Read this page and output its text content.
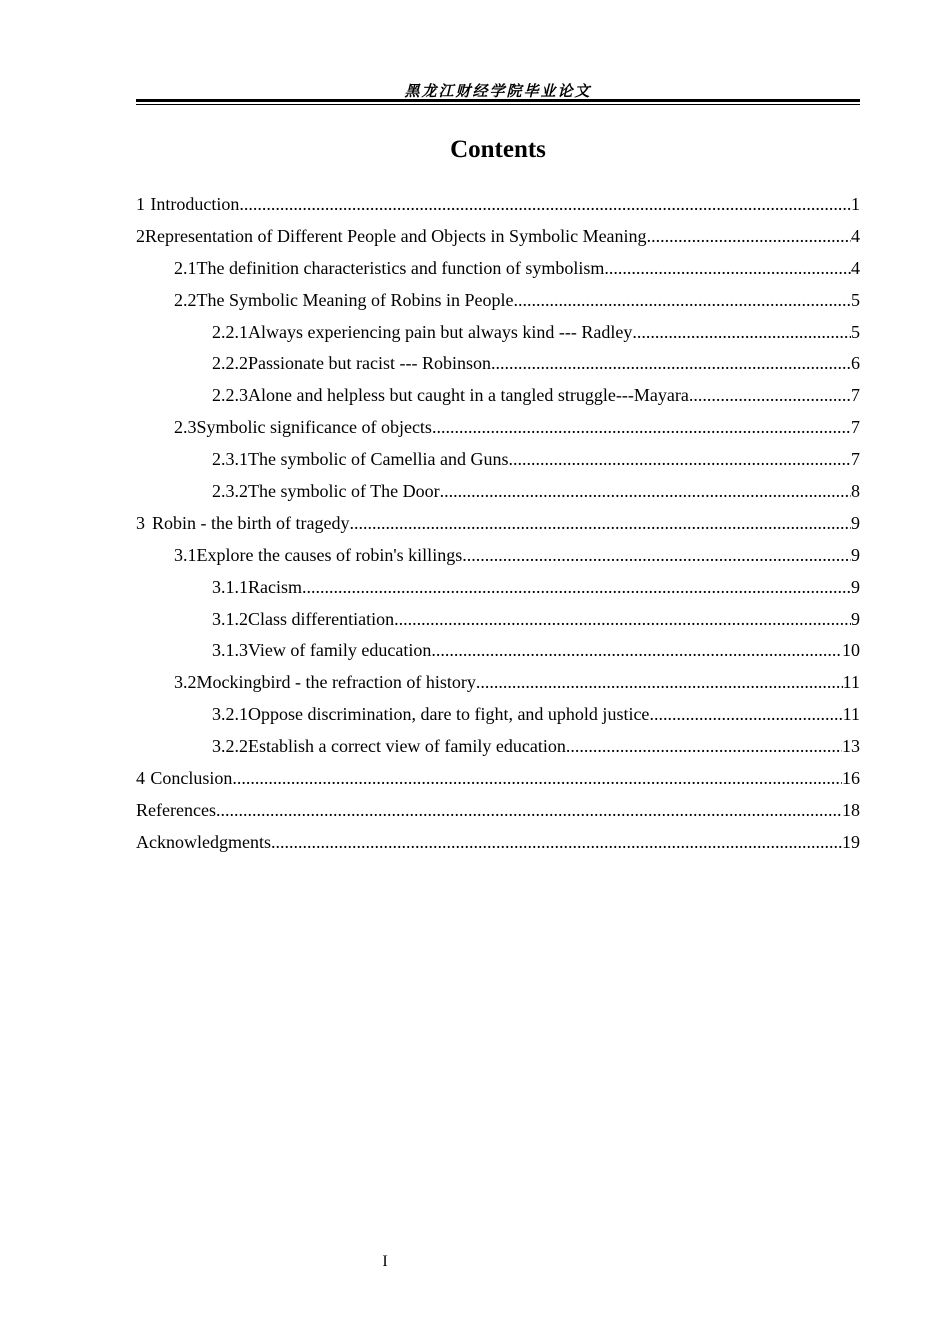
黑龙江财经学院毕业论文
Contents
1 Introduction .....	1
2 Representation of Different People and Objects in Symbolic Meaning .....	4
2.1 The definition characteristics and function of symbolism .....	4
2.2 The Symbolic Meaning of Robins in People .....	5
2.2.1 Always experiencing pain but always kind --- Radley .....	5
2.2.2 Passionate but racist --- Robinson .....	6
2.2.3 Alone and helpless but caught in a tangled struggle---Mayara .....	7
2.3 Symbolic significance of objects .....	7
2.3.1 The symbolic of Camellia and Guns .....	7
2.3.2 The symbolic of The Door .....	8
3 Robin - the birth of tragedy .....	9
3.1 Explore the causes of robin's killings .....	9
3.1.1 Racism .....	9
3.1.2 Class differentiation .....	9
3.1.3 View of family education .....	10
3.2 Mockingbird - the refraction of history .....	11
3.2.1 Oppose discrimination, dare to fight, and uphold justice .....	11
3.2.2 Establish a correct view of family education .....	13
4 Conclusion .....	16
References .....	18
Acknowledgments .....	19
I
